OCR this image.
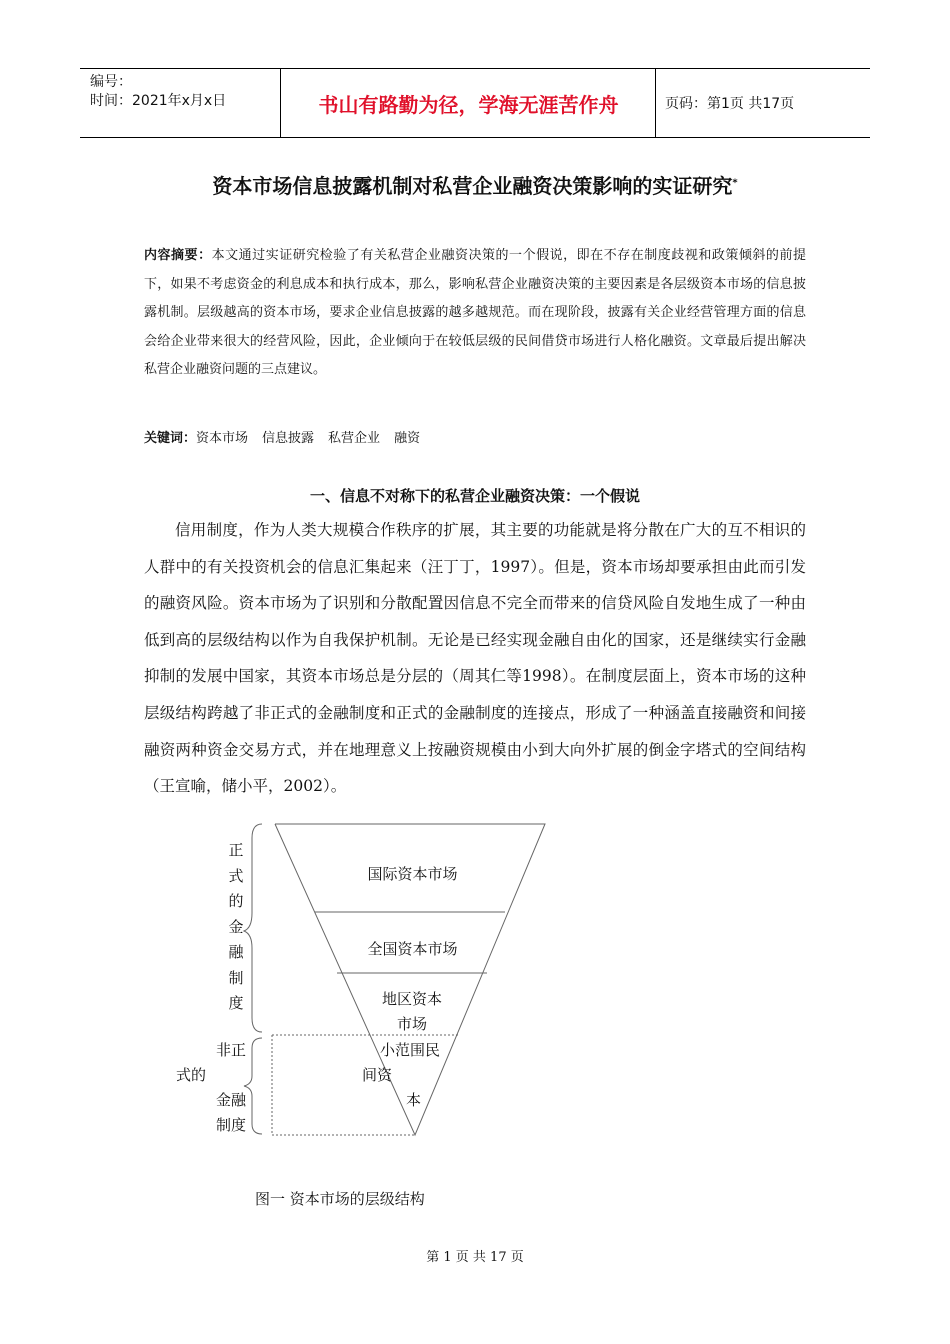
编号：
时间：2021年x月x日	书山有路勤为径，学海无涯苦作舟	页码：第1页 共17页
资本市场信息披露机制对私营企业融资决策影响的实证研究*
内容摘要：本文通过实证研究检验了有关私营企业融资决策的一个假说，即在不存在制度歧视和政策倾斜的前提下，如果不考虑资金的利息成本和执行成本，那么，影响私营企业融资决策的主要因素是各层级资本市场的信息披露机制。层级越高的资本市场，要求企业信息披露的越多越规范。而在现阶段，披露有关企业经营管理方面的信息会给企业带来很大的经营风险，因此，企业倾向于在较低层级的民间借贷市场进行人格化融资。文章最后提出解决私营企业融资问题的三点建议。
关键词：资本市场 信息披露 私营企业 融资
一、信息不对称下的私营企业融资决策：一个假说

信用制度，作为人类大规模合作秩序的扩展，其主要的功能就是将分散在广大的互不相识的人群中的有关投资机会的信息汇集起来（汪丁丁，1997）。但是，资本市场却要承担由此而引发的融资风险。资本市场为了识别和分散配置因信息不完全而带来的信贷风险自发地生成了一种由低到高的层级结构以作为自我保护机制。无论是已经实现金融自由化的国家，还是继续实行金融抑制的发展中国家，其资本市场总是分层的（周其仁等1998）。在制度层面上，资本市场的这种层级结构跨越了非正式的金融制度和正式的金融制度的连接点，形成了一种涵盖直接融资和间接融资两种资金交易方式，并在地理意义上按融资规模由小到大向外扩展的倒金字塔式的空间结构（王宣喻，储小平，2002）。

国际资本市场
全国资本市场
地区资本
市场
小范围民
间资
本
正
式
的
金
融
制
度
非正
式的
金融
制度
图一 资本市场的层级结构
第 1 页 共 17 页
